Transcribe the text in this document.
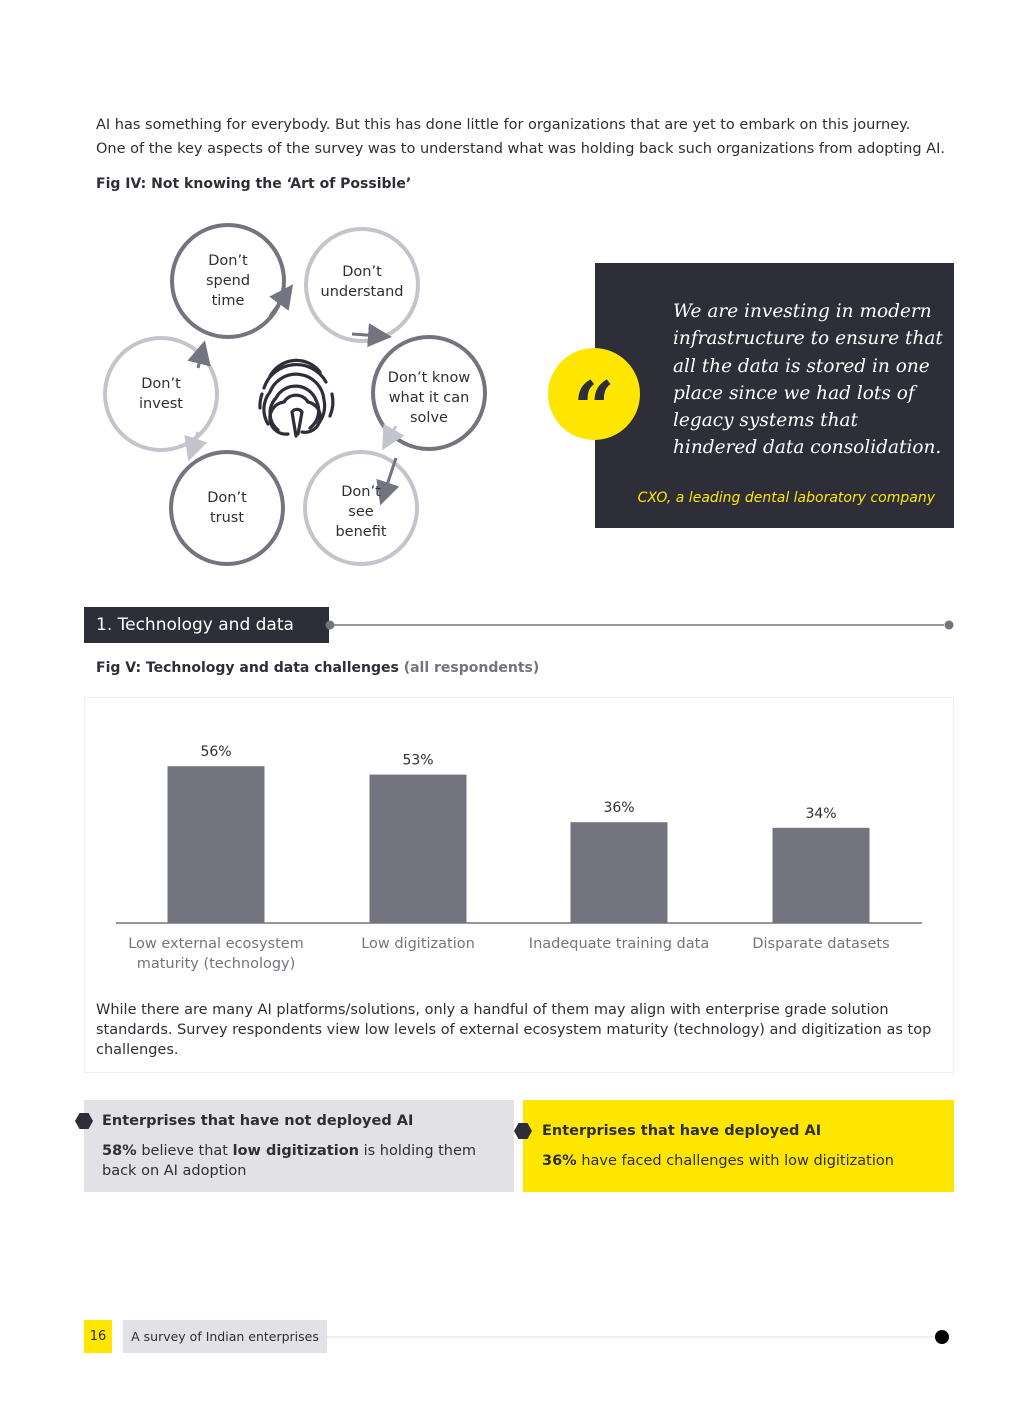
AI has something for everybody. But this has done little for organizations that are yet to embark on this journey.
One of the key aspects of the survey was to understand what was holding back such organizations from adopting AI.
Fig IV: Not knowing the ‘Art of Possible’
Don’t
spend
time
Don’t
understand
Don’t know
what it can
solve
Don’t
see
benefit
Don’t
trust
Don’t
invest
We are investing in modern
infrastructure to ensure that
all the data is stored in one
place since we had lots of
legacy systems that
hindered data consolidation.
CXO, a leading dental laboratory company
“
1. Technology and data
Fig V: Technology and data challenges (all respondents)
56%
53%
36%	34%
Low external ecosystem
maturity (technology)
Low digitization	Inadequate training data	Disparate datasets
While there are many AI platforms/solutions, only a handful of them may align with enterprise grade solution standards. Survey respondents view low levels of external ecosystem maturity (technology) and digitization as top challenges.
Enterprises that have not deployed AI
58% believe that low digitization is holding them back on AI adoption
Enterprises that have deployed AI
36% have faced challenges with low digitization
16	A survey of Indian enterprises
